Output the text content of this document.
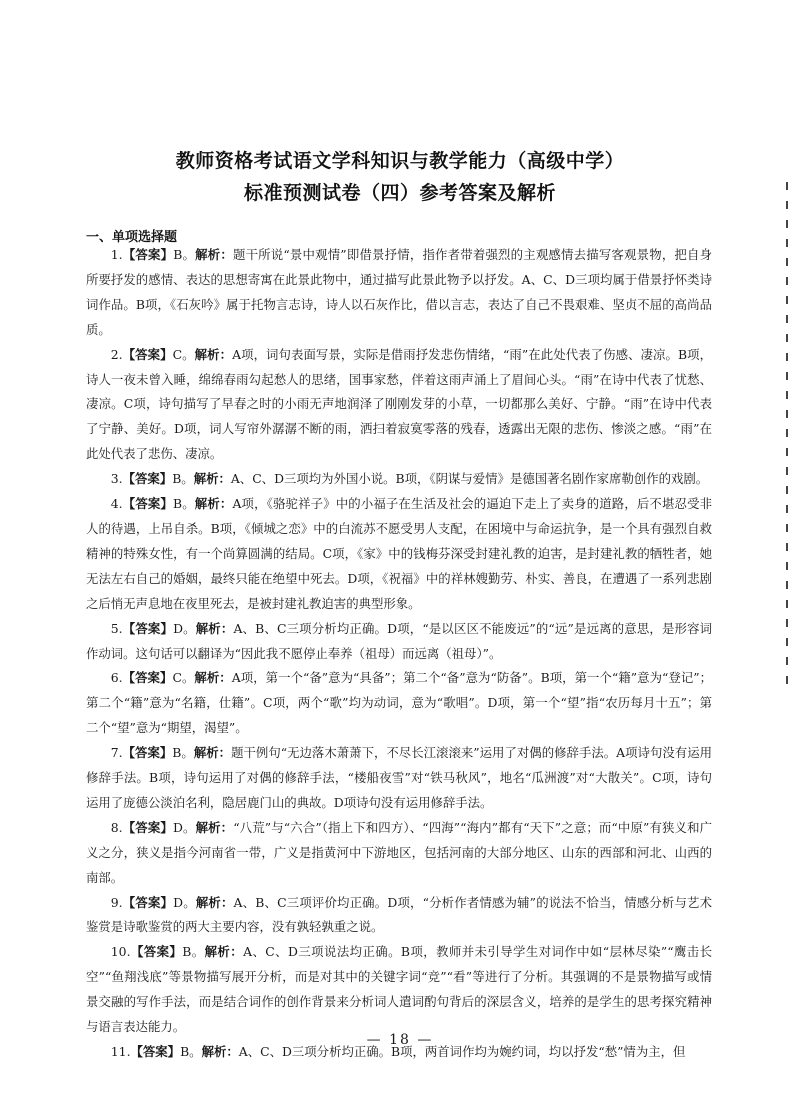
教师资格考试语文学科知识与教学能力（高级中学）
标准预测试卷（四）参考答案及解析
一、单项选择题

1.【答案】B。解析：题干所说“景中观情”即借景抒情，指作者带着强烈的主观感情去描写客观景物，把自身所要抒发的感情、表达的思想寄寓在此景此物中，通过描写此景此物予以抒发。A、C、D三项均属于借景抒怀类诗词作品。B项，《石灰吟》属于托物言志诗，诗人以石灰作比，借以言志，表达了自己不畏艰难、坚贞不屈的高尚品质。

2.【答案】C。解析：A项，词句表面写景，实际是借雨抒发悲伤情绪，“雨”在此处代表了伤感、凄凉。B项，诗人一夜未曾入睡，绵绵春雨勾起愁人的思绪，国事家愁，伴着这雨声涌上了眉间心头。“雨”在诗中代表了忧愁、凄凉。C项，诗句描写了早春之时的小雨无声地润泽了刚刚发芽的小草，一切都那么美好、宁静。“雨”在诗中代表了宁静、美好。D项，词人写帘外潺潺不断的雨，洒扫着寂寞零落的残春，透露出无限的悲伤、惨淡之感。“雨”在此处代表了悲伤、凄凉。

3.【答案】B。解析：A、C、D三项均为外国小说。B项，《阴谋与爱情》是德国著名剧作家席勒创作的戏剧。

4.【答案】B。解析：A项，《骆驼祥子》中的小福子在生活及社会的逼迫下走上了卖身的道路，后不堪忍受非人的待遇，上吊自杀。B项，《倾城之恋》中的白流苏不愿受男人支配，在困境中与命运抗争，是一个具有强烈自救精神的特殊女性，有一个尚算圆满的结局。C项，《家》中的钱梅芬深受封建礼教的迫害，是封建礼教的牺牲者，她无法左右自己的婚姻，最终只能在绝望中死去。D项，《祝福》中的祥林嫂勤劳、朴实、善良，在遭遇了一系列悲剧之后悄无声息地在夜里死去，是被封建礼教迫害的典型形象。

5.【答案】D。解析：A、B、C三项分析均正确。D项，“是以区区不能废远”的“远”是远离的意思，是形容词作动词。这句话可以翻译为“因此我不愿停止奉养（祖母）而远离（祖母）”。

6.【答案】C。解析：A项，第一个“备”意为“具备”；第二个“备”意为“防备”。B项，第一个“籍”意为“登记”；第二个“籍”意为“名籍，仕籍”。C项，两个“歌”均为动词，意为“歌唱”。D项，第一个“望”指“农历每月十五”；第二个“望”意为“期望，渴望”。

7.【答案】B。解析：题干例句“无边落木萧萧下，不尽长江滚滚来”运用了对偶的修辞手法。A项诗句没有运用修辞手法。B项，诗句运用了对偶的修辞手法，“楼船夜雪”对“铁马秋风”，地名“瓜洲渡”对“大散关”。C项，诗句运用了庞德公淡泊名利，隐居鹿门山的典故。D项诗句没有运用修辞手法。

8.【答案】D。解析：“八荒”与“六合”（指上下和四方）、“四海”“海内”都有“天下”之意；而“中原”有狭义和广义之分，狭义是指今河南省一带，广义是指黄河中下游地区，包括河南的大部分地区、山东的西部和河北、山西的南部。

9.【答案】D。解析：A、B、C三项评价均正确。D项，“分析作者情感为辅”的说法不恰当，情感分析与艺术鉴赏是诗歌鉴赏的两大主要内容，没有孰轻孰重之说。

10.【答案】B。解析：A、C、D三项说法均正确。B项，教师并未引导学生对词作中如“层林尽染”“鹰击长空”“鱼翔浅底”等景物描写展开分析，而是对其中的关键字词“竞”“看”等进行了分析。其强调的不是景物描写或情景交融的写作手法，而是结合词作的创作背景来分析词人遣词酌句背后的深层含义，培养的是学生的思考探究精神与语言表达能力。

11.【答案】B。解析：A、C、D三项分析均正确。B项，两首词作均为婉约词，均以抒发“愁”情为主，但

— 18 —
